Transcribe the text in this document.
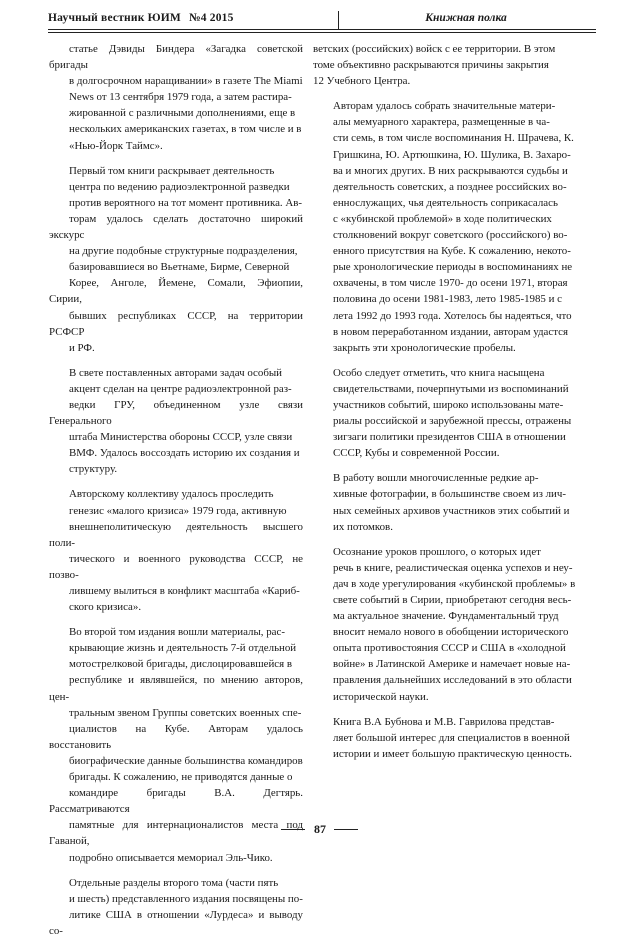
Научный вестник ЮИМ №4 2015	Книжная полка

статье Дэвиды Биндера «Загадка советской бригады
в долгосрочном наращивании» в газете The Miami
News от 13 сентября 1979 года, а затем растира-
жированной с различными дополнениями, еще в
нескольких американских газетах, в том числе и в
«Нью-Йорк Таймс».

Первый том книги раскрывает деятельность
центра по ведению радиоэлектронной разведки
против вероятного на тот момент противника. Ав-
торам удалось сделать достаточно широкий экскурс
на другие подобные структурные подразделения,
базировавшиеся во Вьетнаме, Бирме, Северной
Корее, Анголе, Йемене, Сомали, Эфиопии, Сирии,
бывших республиках СССР, на территории РСФСР
и РФ.

В свете поставленных авторами задач особый
акцент сделан на центре радиоэлектронной раз-
ведки ГРУ, объединенном узле связи Генерального
штаба Министерства обороны СССР, узле связи
ВМФ. Удалось воссоздать историю их создания и
структуру.

Авторскому коллективу удалось проследить
генезис «малого кризиса» 1979 года, активную
внешнеполитическую деятельность высшего поли-
тического и военного руководства СССР, не позво-
лившему вылиться в конфликт масштаба «Кариб-
ского кризиса».

Во второй том издания вошли материалы, рас-
крывающие жизнь и деятельность 7-й отдельной
мотострелковой бригады, дислоцировавшейся в
республике и являвшейся, по мнению авторов, цен-
тральным звеном Группы советских военных спе-
циалистов на Кубе. Авторам удалось восстановить
биографические данные большинства командиров
бригады. К сожалению, не приводятся данные о
командире бригады В.А. Дегтярь. Рассматриваются
памятные для интернационалистов места под Гаваной,
подробно описывается мемориал Эль-Чико.

Отдельные разделы второго тома (части пять
и шесть) представленного издания посвящены по-
литике США в отношении «Лурдеса» и выводу со-

ветских (российских) войск с ее территории. В этом
томе объективно раскрываются причины закрытия
12 Учебного Центра.

Авторам удалось собрать значительные матери-
алы мемуарного характера, размещенные в ча-
сти семь, в том числе воспоминания Н. Шрачева, К.
Гришкина, Ю. Артюшкина, Ю. Шулика, В. Захаро-
ва и многих других. В них раскрываются судьбы и
деятельность советских, а позднее российских во-
еннослужащих, чья деятельность соприкасалась
с «кубинской проблемой» в ходе политических
столкновений вокруг советского (российского) во-
енного присутствия на Кубе. К сожалению, некото-
рые хронологические периоды в воспоминаниях не
охвачены, в том числе 1970- до осени 1971, вторая
половина до осени 1981-1983, лето 1985-1985 и с
лета 1992 до 1993 года. Хотелось бы надеяться, что
в новом переработанном издании, авторам удастся
закрыть эти хронологические пробелы.

Особо следует отметить, что книга насыщена
свидетельствами, почерпнутыми из воспоминаний
участников событий, широко использованы мате-
риалы российской и зарубежной прессы, отражены
зигзаги политики президентов США в отношении
СССР, Кубы и современной России.

В работу вошли многочисленные редкие ар-
хивные фотографии, в большинстве своем из лич-
ных семейных архивов участников этих событий и
их потомков.

Осознание уроков прошлого, о которых идет
речь в книге, реалистическая оценка успехов и неу-
дач в ходе урегулирования «кубинской проблемы» в
свете событий в Сирии, приобретают сегодня весь-
ма актуальное значение. Фундаментальный труд
вносит немало нового в обобщении исторического
опыта противостояния СССР и США в «холодной
войне» в Латинской Америке и намечает новые на-
правления дальнейших исследований в это области
исторической науки.

Книга В.А Бубнова и М.В. Гаврилова представ-
ляет большой интерес для специалистов в военной
истории и имеет большую практическую ценность.

87
